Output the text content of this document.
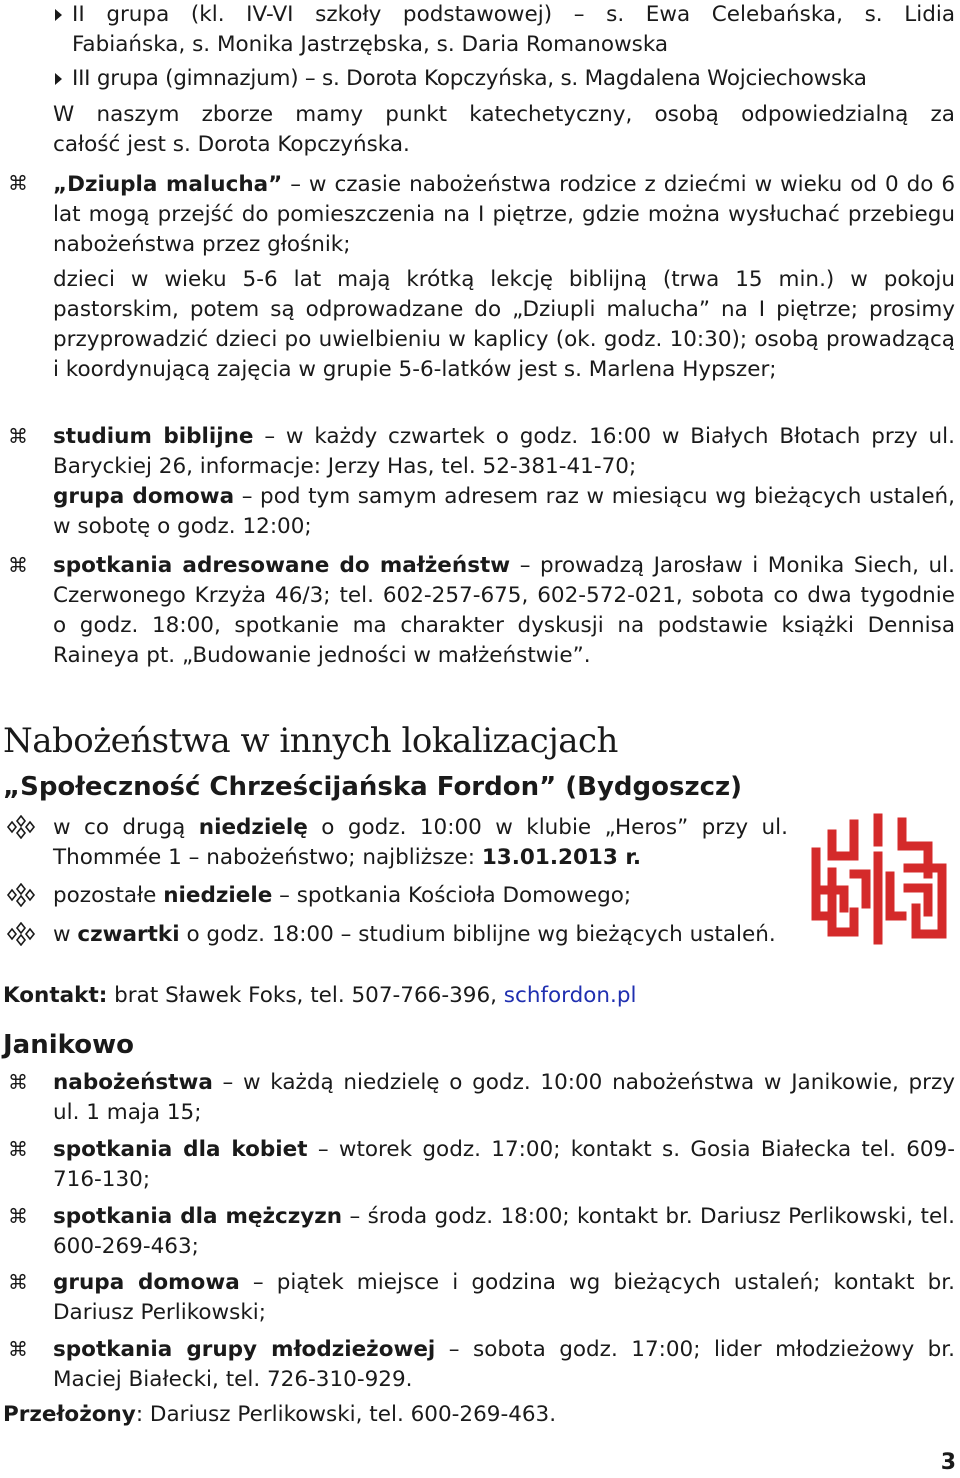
II grupa (kl. IV-VI szkoły podstawowej) – s. Ewa Celebańska, s. Lidia
Fabiańska, s. Monika Jastrzębska, s. Daria Romanowska
III grupa (gimnazjum) – s. Dorota Kopczyńska, s. Magdalena Wojciechowska
W naszym zborze mamy punkt katechetyczny, osobą odpowiedzialną za
całość jest s. Dorota Kopczyńska.
⌘ „Dziupla malucha” – w czasie nabożeństwa rodzice z dziećmi w wieku od 0 do 6 lat mogą przejść do pomieszczenia na I piętrze, gdzie można wysłuchać przebiegu nabożeństwa przez głośnik;
dzieci w wieku 5-6 lat mają krótką lekcję biblijną (trwa 15 min.) w pokoju pastorskim, potem są odprowadzane do „Dziupli malucha” na I piętrze; prosimy przyprowadzić dzieci po uwielbieniu w kaplicy (ok. godz. 10:30); osobą prowadzącą i koordynującą zajęcia w grupie 5-6-latków jest s. Marlena Hypszer;
⌘ studium biblijne – w każdy czwartek o godz. 16:00 w Białych Błotach przy ul. Baryckiej 26, informacje: Jerzy Has, tel. 52-381-41-70;
grupa domowa – pod tym samym adresem raz w miesiącu wg bieżących ustaleń, w sobotę o godz. 12:00;
⌘ spotkania adresowane do małżeństw – prowadzą Jarosław i Monika Siech, ul. Czerwonego Krzyża 46/3; tel. 602-257-675, 602-572-021, sobota co dwa tygodnie o godz. 18:00, spotkanie ma charakter dyskusji na podstawie książki Dennisa Raineya pt. „Budowanie jedności w małżeństwie”.
Nabożeństwa w innych lokalizacjach
„Społeczność Chrześcijańska Fordon” (Bydgoszcz)
w co drugą niedzielę o godz. 10:00 w klubie „Heros” przy ul. Thommée 1 – nabożeństwo; najbliższe: 13.01.2013 r.
pozostałe niedziele – spotkania Kościoła Domowego;
w czwartki o godz. 18:00 – studium biblijne wg bieżących ustaleń.
Kontakt: brat Sławek Foks, tel. 507-766-396, schfordon.pl
Janikowo
⌘ nabożeństwa – w każdą niedzielę o godz. 10:00 nabożeństwa w Janikowie, przy ul. 1 maja 15;
⌘ spotkania dla kobiet – wtorek godz. 17:00; kontakt s. Gosia Białecka tel. 609-716-130;
⌘ spotkania dla mężczyzn – środa godz. 18:00; kontakt br. Dariusz Perlikowski, tel. 600-269-463;
⌘ grupa domowa – piątek miejsce i godzina wg bieżących ustaleń; kontakt br. Dariusz Perlikowski;
⌘ spotkania grupy młodzieżowej – sobota godz. 17:00; lider młodzieżowy br. Maciej Białecki, tel. 726-310-929.
Przełożony: Dariusz Perlikowski, tel. 600-269-463.
3
